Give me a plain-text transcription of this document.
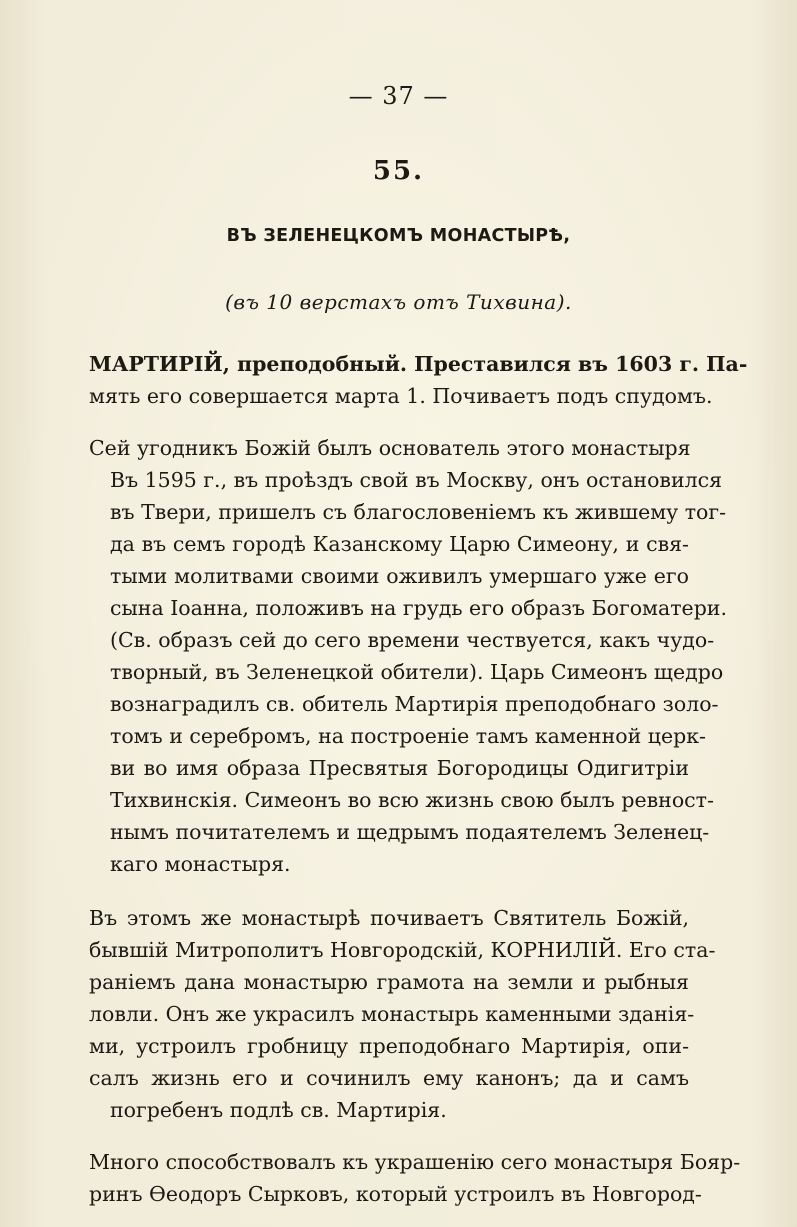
— 37 —
55.
ВЪ ЗЕЛЕНЕЦКОМЪ МОНАСТЫРѢ,
(въ 10 верстахъ отъ Тихвина).
МАРТИРІЙ, преподобный. Преставился въ 1603 г. Па-
мять его совершается марта 1. Почиваетъ подъ спудомъ.
Сей угодникъ Божій былъ основатель этого монастыря
Въ 1595 г., въ проѣздъ свой въ Москву, онъ остановился
въ Твери, пришелъ съ благословеніемъ къ жившему тог-
да въ семъ городѣ Казанскому Царю Симеону, и свя-
тыми молитвами своими оживилъ умершаго уже его
сына Іоанна, положивъ на грудь его образъ Богоматери.
(Св. образъ сей до сего времени чествуется, какъ чудо-
творный, въ Зеленецкой обители). Царь Симеонъ щедро
вознаградилъ св. обитель Мартирія преподобнаго золо-
томъ и серебромъ, на построеніе тамъ каменной церк-
ви во имя образа Пресвятыя Богородицы Одигитріи
Тихвинскія. Симеонъ во всю жизнь свою былъ ревност-
нымъ почитателемъ и щедрымъ подаятелемъ Зеленец-
каго монастыря.
Въ этомъ же монастырѣ почиваетъ Святитель Божій,
бывшій Митрополитъ Новгородскій, КОРНИЛІЙ. Его ста-
раніемъ дана монастырю грамота на земли и рыбныя
ловли. Онъ же украсилъ монастырь каменными зданія-
ми, устроилъ гробницу преподобнаго Мартирія, опи-
салъ жизнь его и сочинилъ ему канонъ; да и самъ
погребенъ подлѣ св. Мартирія.
Много способствовалъ къ украшенію сего монастыря Бояр-
ринъ Ѳеодоръ Сырковъ, который устроилъ въ Новгород-
